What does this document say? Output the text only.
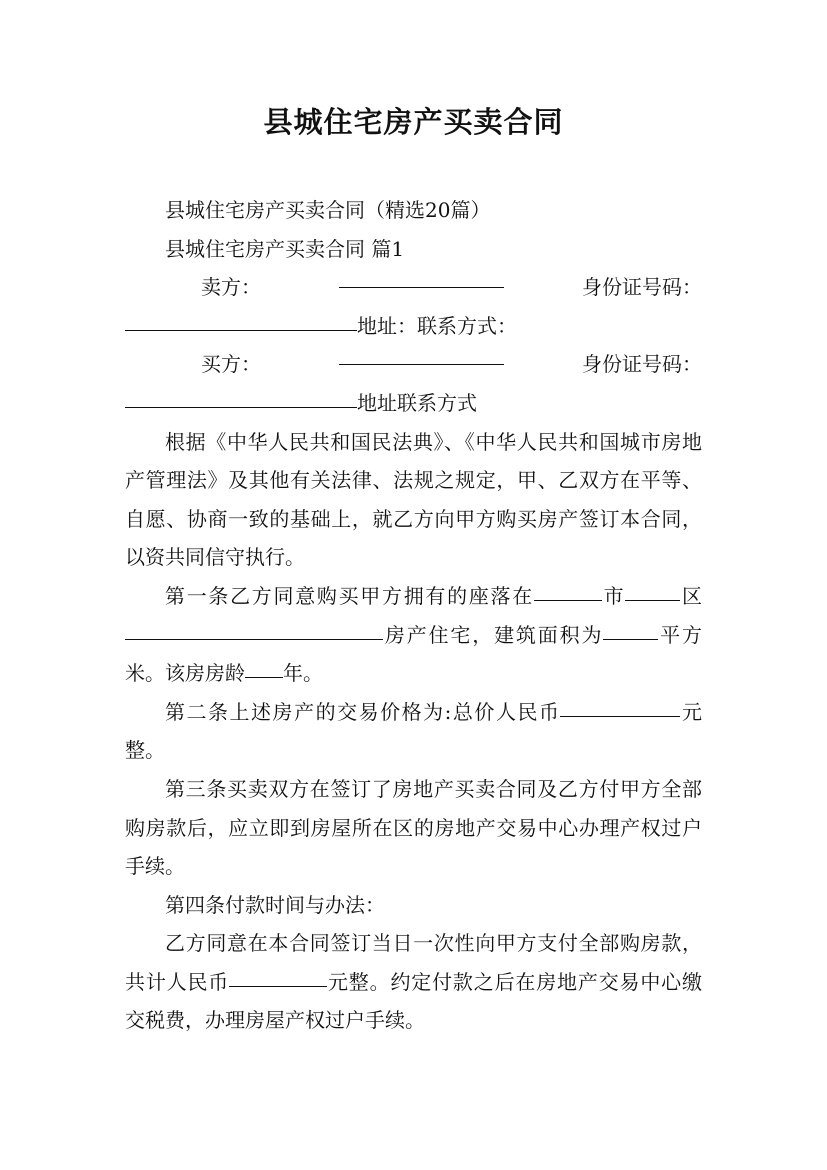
县城住宅房产买卖合同
县城住宅房产买卖合同（精选20篇）
县城住宅房产买卖合同 篇1
卖方：	身份证号码：
地址：联系方式：
买方：	身份证号码：
地址联系方式
根据《中华人民共和国民法典》、《中华人民共和国城市房地产管理法》及其他有关法律、法规之规定，甲、乙双方在平等、自愿、协商一致的基础上，就乙方向甲方购买房产签订本合同，以资共同信守执行。
第一条乙方同意购买甲方拥有的座落在	市	区房产住宅，建筑面积为	平方米。该房房龄 年。
第二条上述房产的交易价格为:总价人民币	元整。
第三条买卖双方在签订了房地产买卖合同及乙方付甲方全部购房款后，应立即到房屋所在区的房地产交易中心办理产权过户手续。
第四条付款时间与办法：
乙方同意在本合同签订当日一次性向甲方支付全部购房款，共计人民币	元整。约定付款之后在房地产交易中心缴交税费，办理房屋产权过户手续。
